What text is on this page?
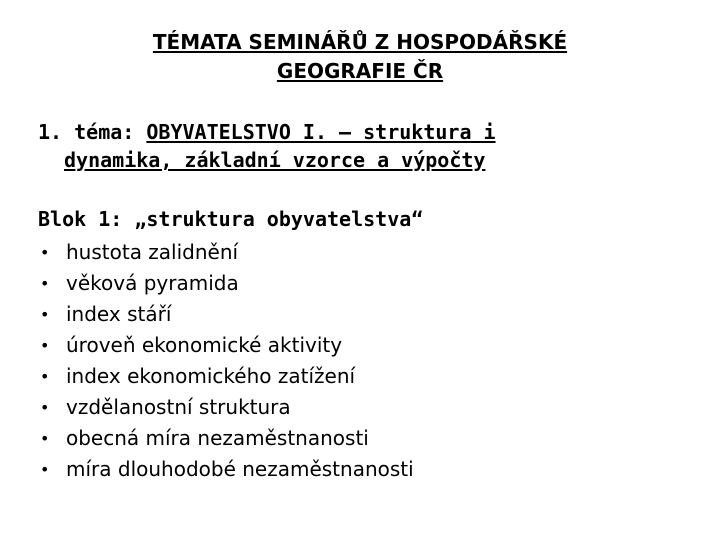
TÉMATA SEMINÁŘŮ Z HOSPODÁŘSKÉ
GEOGRAFIE ČR
1. téma: OBYVATELSTVO I. – struktura i
dynamika, základní vzorce a výpočty
Blok 1: „struktura obyvatelstva“
• hustota zalidnění
• věková pyramida
• index stáří
• úroveň ekonomické aktivity
• index ekonomického zatížení
• vzdělanostní struktura
• obecná míra nezaměstnanosti
• míra dlouhodobé nezaměstnanosti
